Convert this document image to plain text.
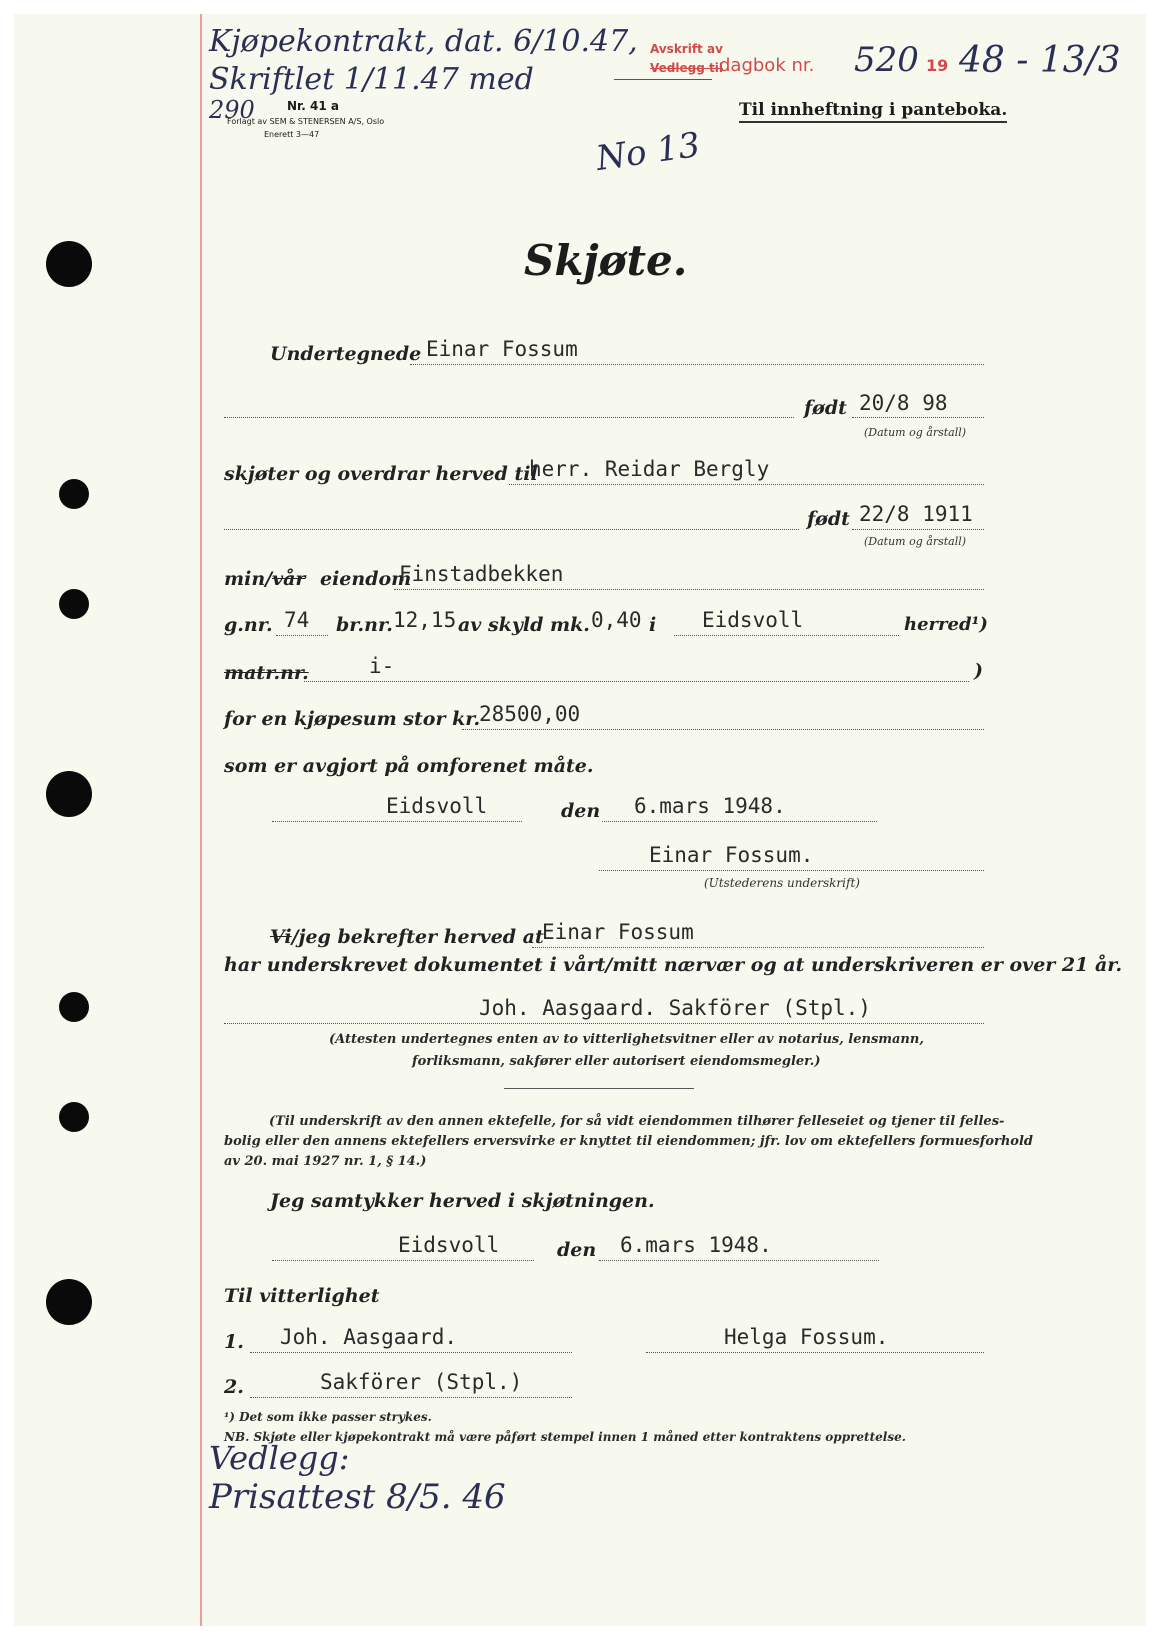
Kjøpekontrakt, dat. 6/10.47,
Skriftlet 1/11.47 med
290	Nr. 41 a
Forlagt av SEM & STENERSEN A/S, Oslo
Enerett 3—47
Avskrift av
Vedlegg til
dagbok nr. 520 19 48 - 13/3
Til innheftning i panteboka.
No 13
Skjøte.
Undertegnede Einar Fossum
født 20/8 98
(Datum og årstall)
skjøter og overdrar herved til
herr. Reidar Bergly
født 22/8 1911
(Datum og årstall)
min/vår eiendom
Finstadbekken
g.nr. 74 br.nr. 12,15 av skyld mk. 0,40 i Eidsvoll	herred¹)
matr.nr.	i-	)
for en kjøpesum stor kr.
28500,00
som er avgjort på omforenet måte.
Eidsvoll	den 6.mars 1948.
Einar Fossum.
(Utstederens underskrift)
Vi/jeg bekrefter herved at
Einar Fossum
har underskrevet dokumentet i vårt/mitt nærvær og at underskriveren er over 21 år.
Joh. Aasgaard. Sakförer (Stpl.)
(Attesten undertegnes enten av to vitterlighetsvitner eller av notarius, lensmann,
forliksmann, sakfører eller autorisert eiendomsmegler.)
(Til underskrift av den annen ektefelle, for så vidt eiendommen tilhører felleseiet og tjener til felles-
bolig eller den annens ektefellers erversvirke er knyttet til eiendommen; jfr. lov om ektefellers formuesforhold
av 20. mai 1927 nr. 1, § 14.)
Jeg samtykker herved i skjøtningen.
Eidsvoll	den 6.mars 1948.
Til vitterlighet
1. Joh. Aasgaard.	Helga Fossum.
2.	Sakförer (Stpl.)
¹) Det som ikke passer strykes.
NB. Skjøte eller kjøpekontrakt må være påført stempel innen 1 måned etter kontraktens opprettelse.
Vedlegg:
Prisattest 8/5. 46
